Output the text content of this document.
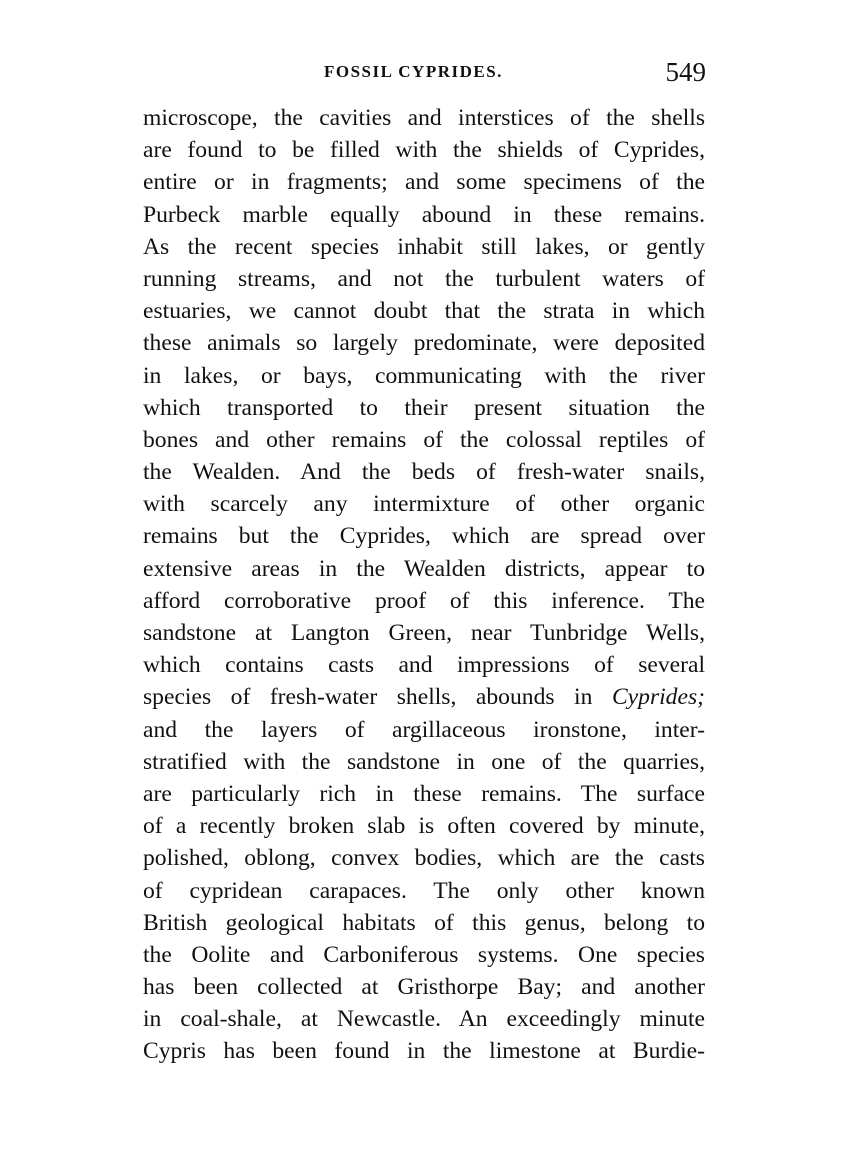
FOSSIL CYPRIDES.	549
microscope, the cavities and interstices of the shells
are found to be filled with the shields of Cyprides,
entire or in fragments; and some specimens of the
Purbeck marble equally abound in these remains.
As the recent species inhabit still lakes, or gently
running streams, and not the turbulent waters of
estuaries, we cannot doubt that the strata in which
these animals so largely predominate, were deposited
in lakes, or bays, communicating with the river
which transported to their present situation the
bones and other remains of the colossal reptiles of
the Wealden. And the beds of fresh-water snails,
with scarcely any intermixture of other organic
remains but the Cyprides, which are spread over
extensive areas in the Wealden districts, appear to
afford corroborative proof of this inference. The
sandstone at Langton Green, near Tunbridge Wells,
which contains casts and impressions of several
species of fresh-water shells, abounds in Cyprides;
and the layers of argillaceous ironstone, inter-
stratified with the sandstone in one of the quarries,
are particularly rich in these remains. The surface
of a recently broken slab is often covered by minute,
polished, oblong, convex bodies, which are the casts
of cypridean carapaces. The only other known
British geological habitats of this genus, belong to
the Oolite and Carboniferous systems. One species
has been collected at Gristhorpe Bay; and another
in coal-shale, at Newcastle. An exceedingly minute
Cypris has been found in the limestone at Burdie-
